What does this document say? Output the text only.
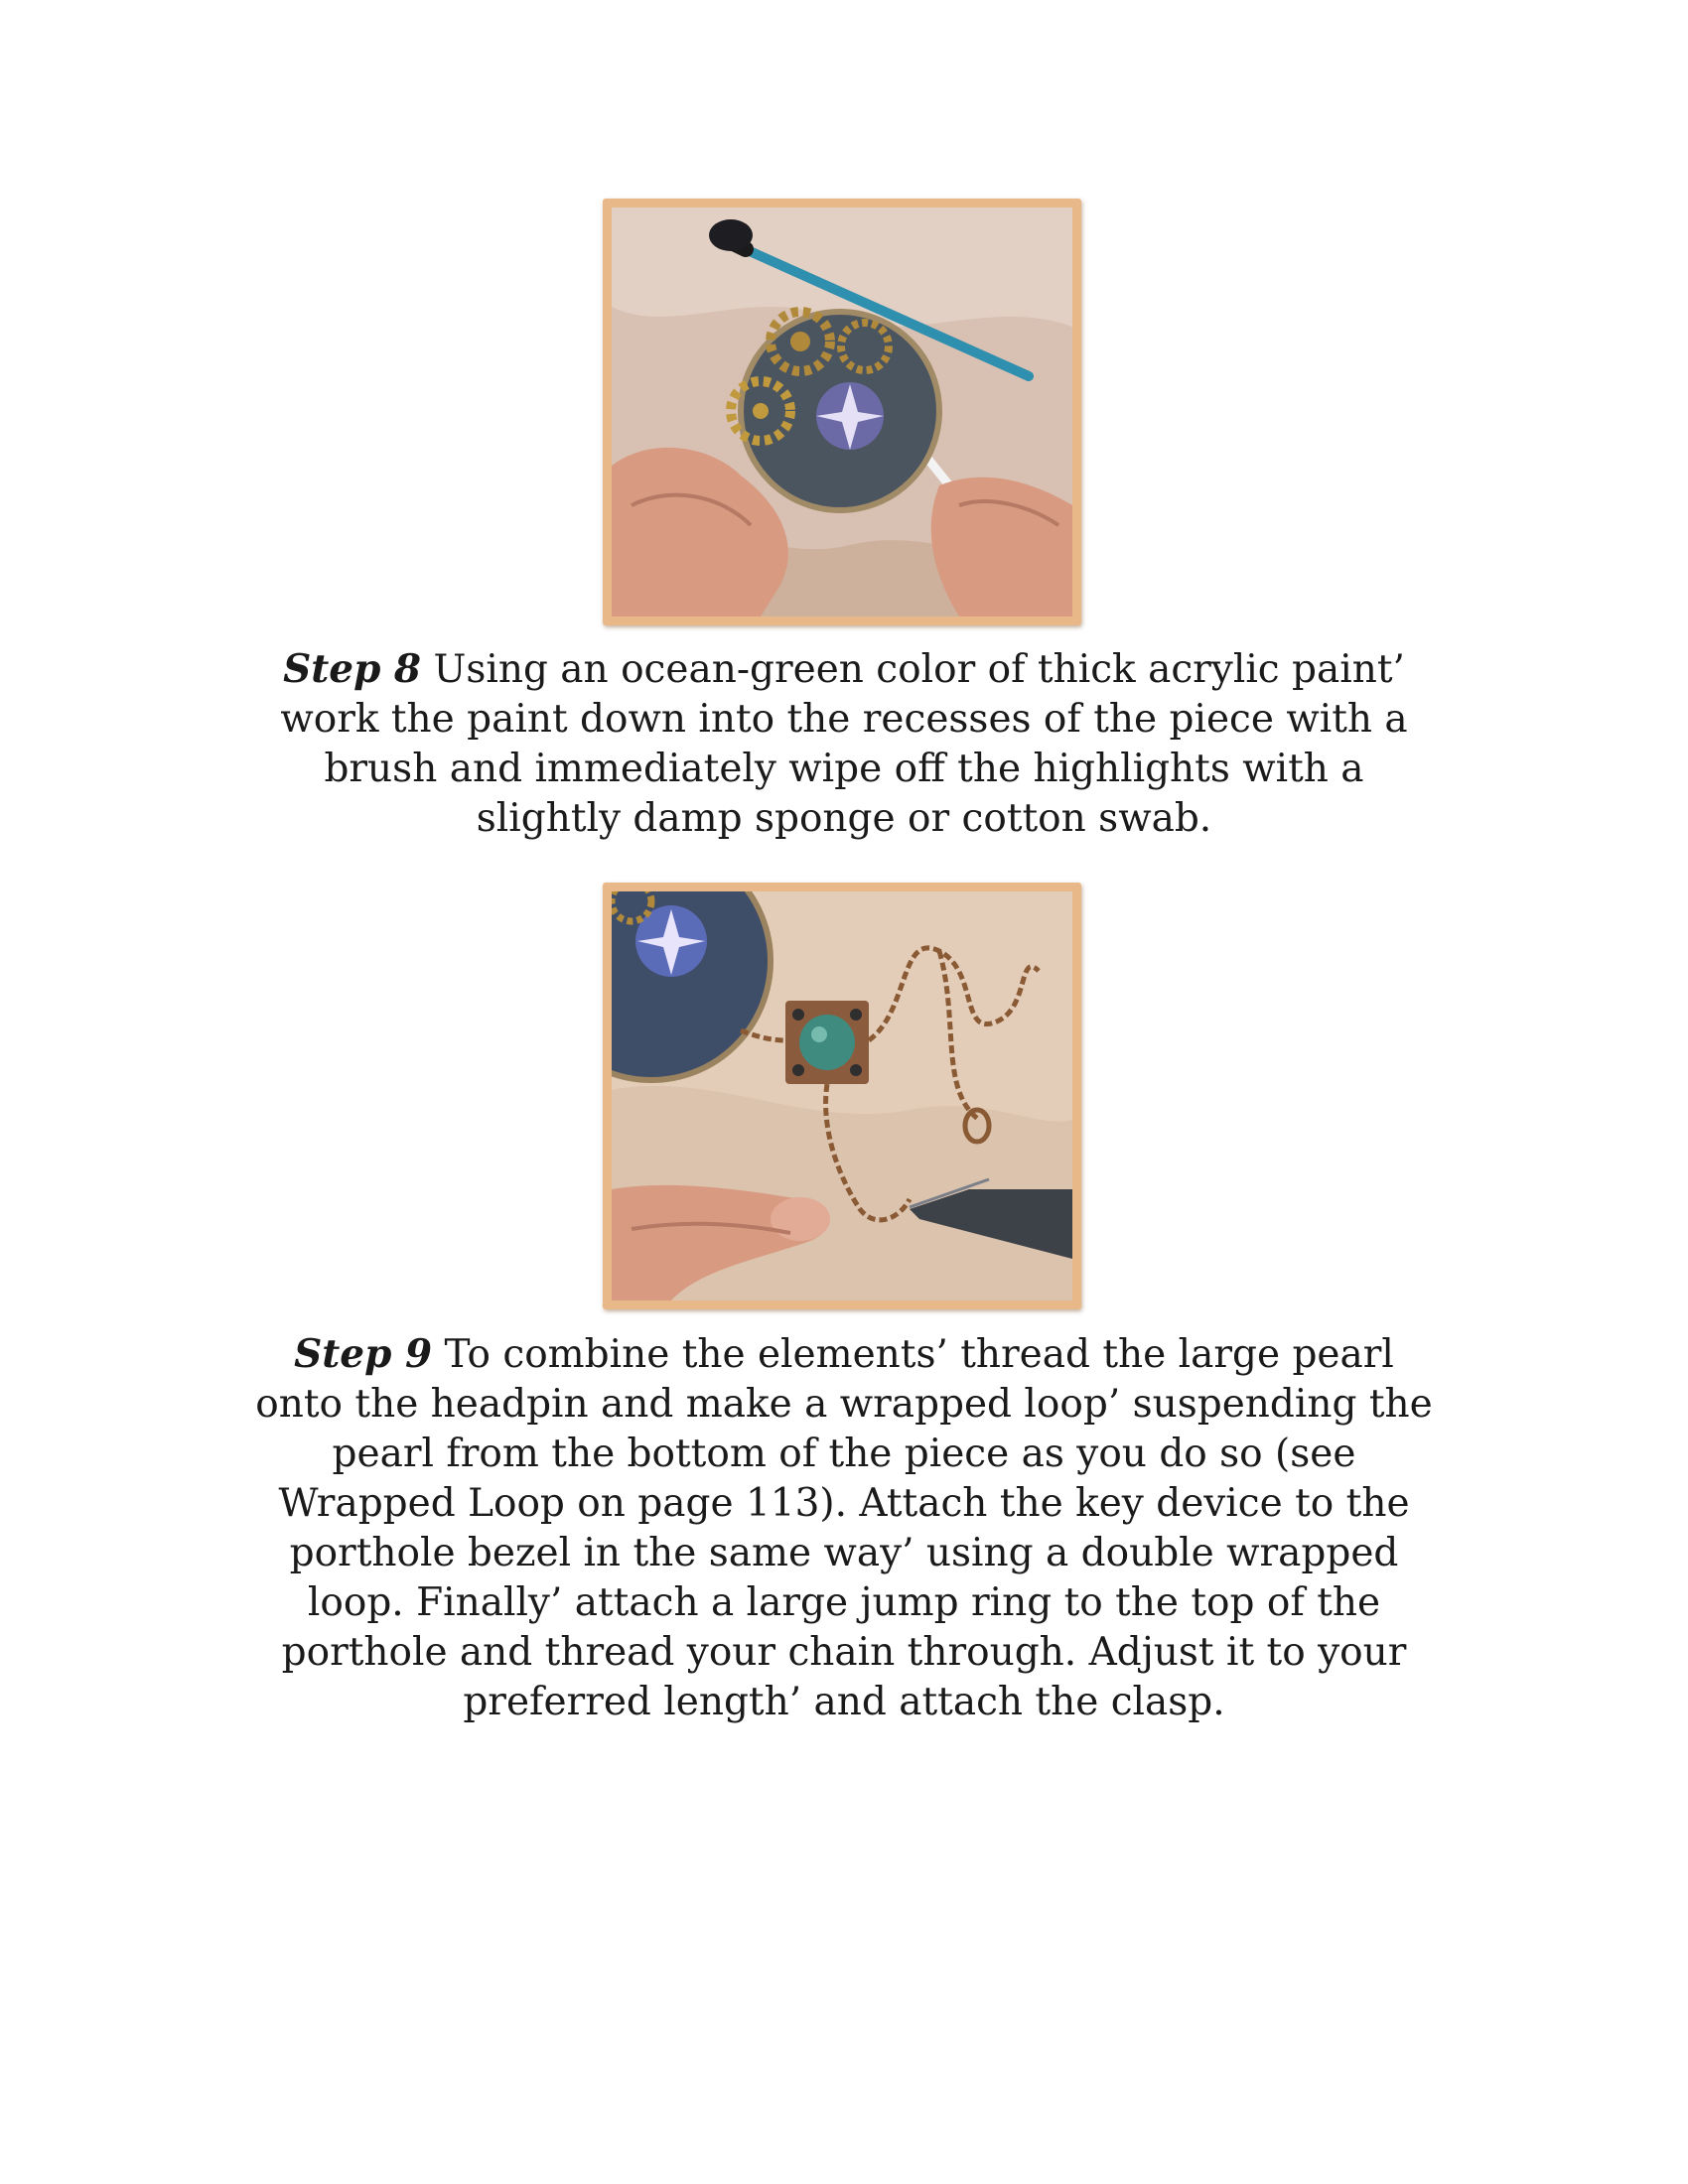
Step 8 Using an ocean-green color of thick acrylic paint’ work the paint down into the recesses of the piece with a brush and immediately wipe off the highlights with a slightly damp sponge or cotton swab.

Step 9 To combine the elements’ thread the large pearl onto the headpin and make a wrapped loop’ suspending the pearl from the bottom of the piece as you do so (see Wrapped Loop on page 113). Attach the key device to the porthole bezel in the same way’ using a double wrapped loop. Finally’ attach a large jump ring to the top of the porthole and thread your chain through. Adjust it to your preferred length’ and attach the clasp.
